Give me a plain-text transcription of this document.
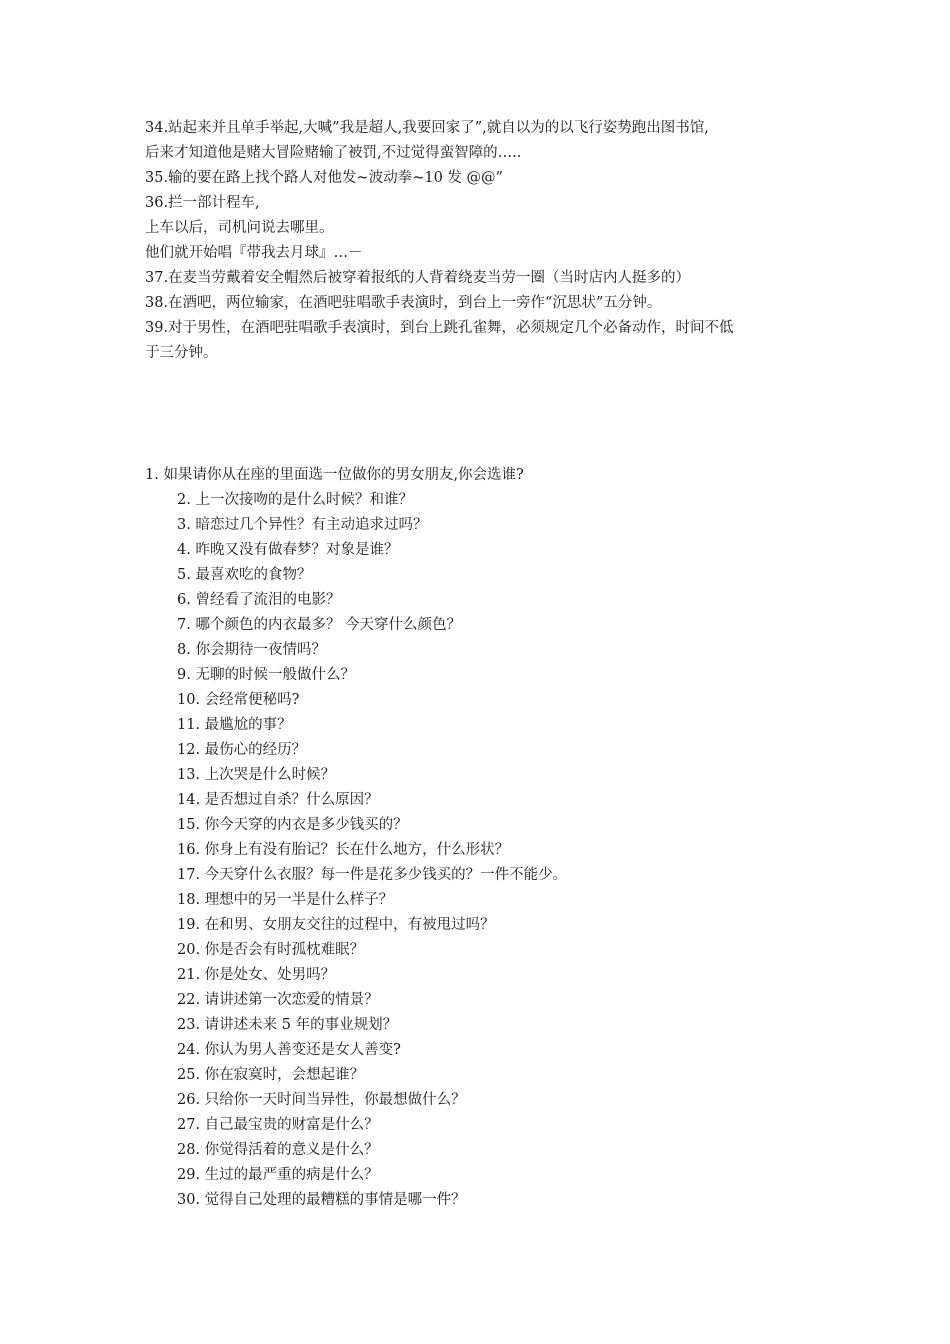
34.站起来并且单手举起,大喊”我是超人,我要回家了”,就自以为的以飞行姿势跑出图书馆,
后来才知道他是赌大冒险赌输了被罚,不过觉得蛮智障的…..
35.输的要在路上找个路人对他发~波动拳~10 发 @@”
36.拦一部计程车,
上车以后，司机问说去哪里。
他们就开始唱『带我去月球』…－
37.在麦当劳戴着安全帽然后被穿着报纸的人背着绕麦当劳一圈（当时店内人挺多的）
38.在酒吧，两位输家，在酒吧驻唱歌手表演时，到台上一旁作“沉思状”五分钟。
39.对于男性，在酒吧驻唱歌手表演时，到台上跳孔雀舞，必须规定几个必备动作，时间不低
于三分钟。
1. 如果请你从在座的里面选一位做你的男女朋友,你会选谁?
2. 上一次接吻的是什么时候？和谁？
3. 暗恋过几个异性？有主动追求过吗？
4. 昨晚又没有做春梦？对象是谁？
5. 最喜欢吃的食物？
6. 曾经看了流泪的电影？
7. 哪个颜色的内衣最多？ 今天穿什么颜色？
8. 你会期待一夜情吗？
9. 无聊的时候一般做什么？
10. 会经常便秘吗?
11. 最尴尬的事？
12. 最伤心的经历？
13. 上次哭是什么时候？
14. 是否想过自杀？什么原因？
15. 你今天穿的内衣是多少钱买的？
16. 你身上有没有胎记？长在什么地方，什么形状？
17. 今天穿什么衣服？每一件是花多少钱买的？一件不能少。
18. 理想中的另一半是什么样子？
19. 在和男、女朋友交往的过程中，有被甩过吗？
20. 你是否会有时孤枕难眠？
21. 你是处女、处男吗？
22. 请讲述第一次恋爱的情景？
23. 请讲述未来 5 年的事业规划？
24. 你认为男人善变还是女人善变?
25. 你在寂寞时，会想起谁？
26. 只给你一天时间当异性，你最想做什么？
27. 自己最宝贵的财富是什么？
28. 你觉得活着的意义是什么？
29. 生过的最严重的病是什么？
30. 觉得自己处理的最糟糕的事情是哪一件？
